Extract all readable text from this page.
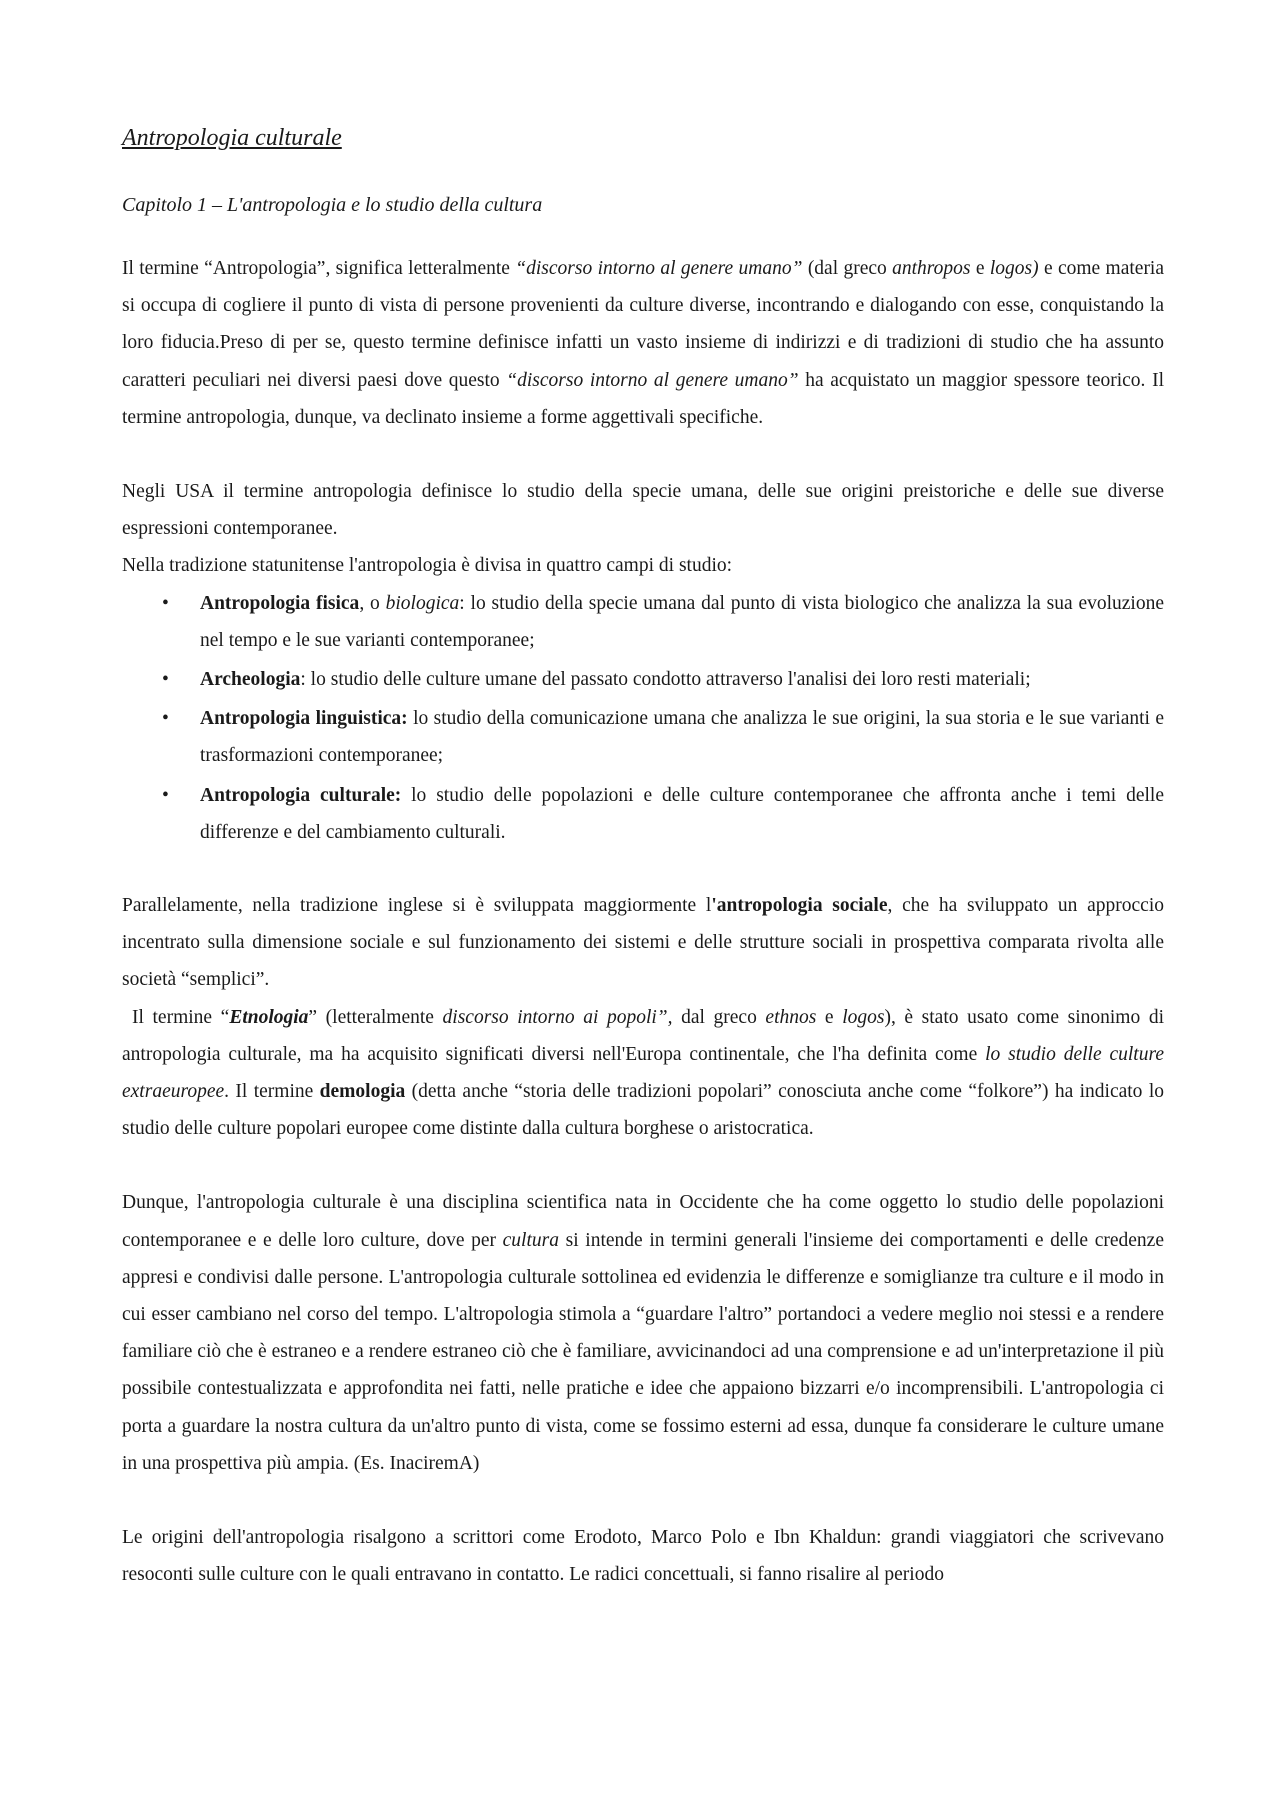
Antropologia culturale
Capitolo 1 – L'antropologia e lo studio della cultura

Il termine “Antropologia”, significa letteralmente “discorso intorno al genere umano” (dal greco anthropos e logos) e come materia si occupa di cogliere il punto di vista di persone provenienti da culture diverse, incontrando e dialogando con esse, conquistando la loro fiducia.Preso di per se, questo termine definisce infatti un vasto insieme di indirizzi e di tradizioni di studio che ha assunto caratteri peculiari nei diversi paesi dove questo “discorso intorno al genere umano” ha acquistato un maggior spessore teorico. Il termine antropologia, dunque, va declinato insieme a forme aggettivali specifiche.

Negli USA il termine antropologia definisce lo studio della specie umana, delle sue origini preistoriche e delle sue diverse espressioni contemporanee.

Nella tradizione statunitense l'antropologia è divisa in quattro campi di studio:

• Antropologia fisica, o biologica: lo studio della specie umana dal punto di vista biologico che analizza la sua evoluzione nel tempo e le sue varianti contemporanee;
• Archeologia: lo studio delle culture umane del passato condotto attraverso l'analisi dei loro resti materiali;
• Antropologia linguistica: lo studio della comunicazione umana che analizza le sue origini, la sua storia e le sue varianti e trasformazioni contemporanee;
• Antropologia culturale: lo studio delle popolazioni e delle culture contemporanee che affronta anche i temi delle differenze e del cambiamento culturali.

Parallelamente, nella tradizione inglese si è sviluppata maggiormente l'antropologia sociale, che ha sviluppato un approccio incentrato sulla dimensione sociale e sul funzionamento dei sistemi e delle strutture sociali in prospettiva comparata rivolta alle società “semplici”.

Il termine “Etnologia” (letteralmente discorso intorno ai popoli”, dal greco ethnos e logos), è stato usato come sinonimo di antropologia culturale, ma ha acquisito significati diversi nell'Europa continentale, che l'ha definita come lo studio delle culture extraeuropee. Il termine demologia (detta anche “storia delle tradizioni popolari” conosciuta anche come “folkore”) ha indicato lo studio delle culture popolari europee come distinte dalla cultura borghese o aristocratica.

Dunque, l'antropologia culturale è una disciplina scientifica nata in Occidente che ha come oggetto lo studio delle popolazioni contemporanee e e delle loro culture, dove per cultura si intende in termini generali l'insieme dei comportamenti e delle credenze appresi e condivisi dalle persone. L'antropologia culturale sottolinea ed evidenzia le differenze e somiglianze tra culture e il modo in cui esser cambiano nel corso del tempo. L'altropologia stimola a “guardare l'altro” portandoci a vedere meglio noi stessi e a rendere familiare ciò che è estraneo e a rendere estraneo ciò che è familiare, avvicinandoci ad una comprensione e ad un'interpretazione il più possibile contestualizzata e approfondita nei fatti, nelle pratiche e idee che appaiono bizzarri e/o incomprensibili. L'antropologia ci porta a guardare la nostra cultura da un'altro punto di vista, come se fossimo esterni ad essa, dunque fa considerare le culture umane in una prospettiva più ampia. (Es. InaciremA)

Le origini dell'antropologia risalgono a scrittori come Erodoto, Marco Polo e Ibn Khaldun: grandi viaggiatori che scrivevano resoconti sulle culture con le quali entravano in contatto. Le radici concettuali, si fanno risalire al periodo
